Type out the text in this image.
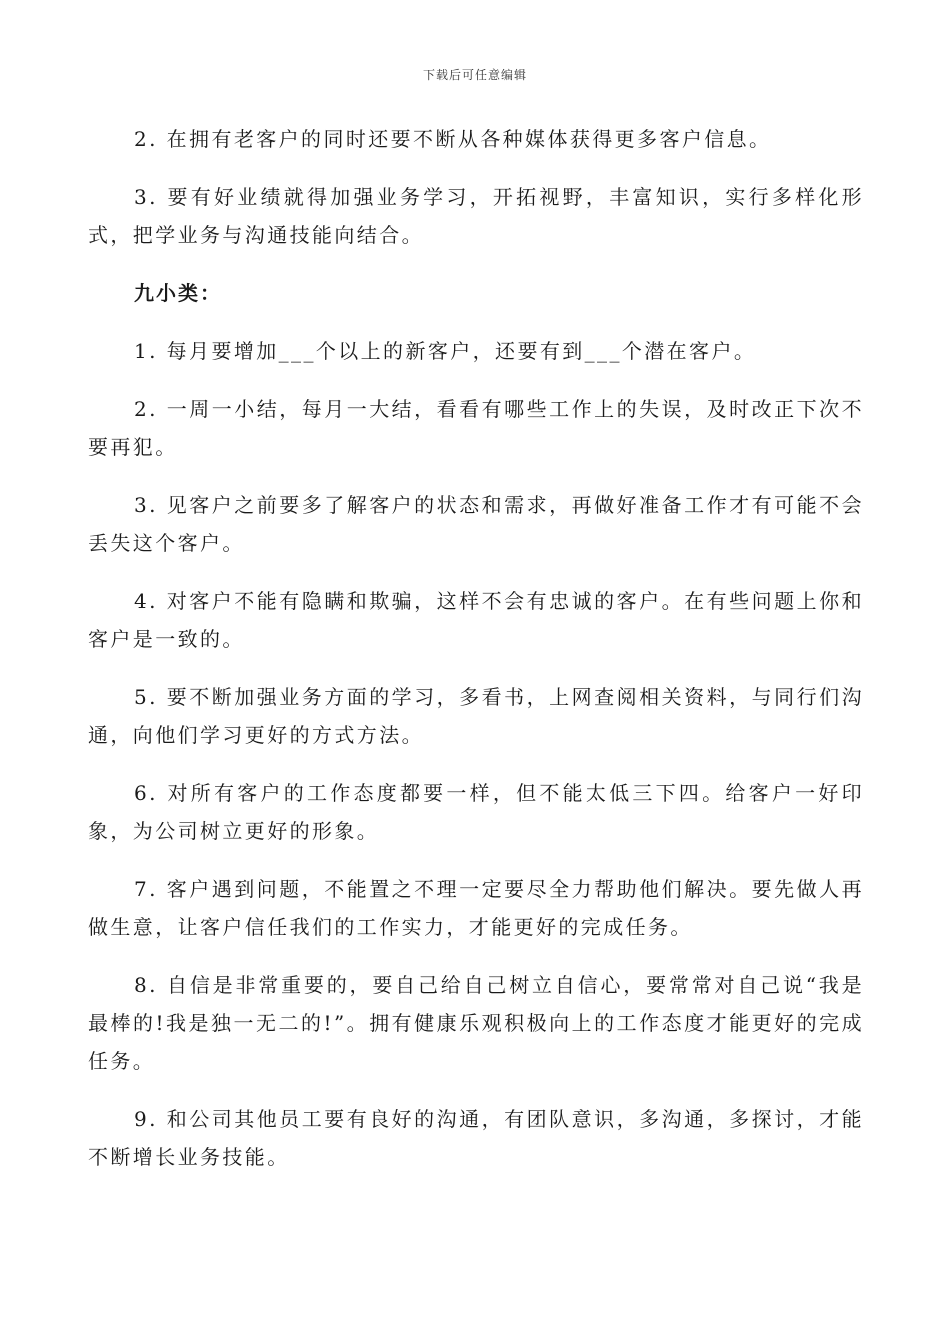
下载后可任意编辑

2. 在拥有老客户的同时还要不断从各种媒体获得更多客户信息。

3. 要有好业绩就得加强业务学习，开拓视野，丰富知识，实行多样化形式，把学业务与沟通技能向结合。

九小类：

1. 每月要增加___个以上的新客户，还要有到___个潜在客户。

2. 一周一小结，每月一大结，看看有哪些工作上的失误，及时改正下次不要再犯。

3. 见客户之前要多了解客户的状态和需求，再做好准备工作才有可能不会丢失这个客户。

4. 对客户不能有隐瞒和欺骗，这样不会有忠诚的客户。在有些问题上你和客户是一致的。

5. 要不断加强业务方面的学习，多看书，上网查阅相关资料，与同行们沟通，向他们学习更好的方式方法。

6. 对所有客户的工作态度都要一样，但不能太低三下四。给客户一好印象，为公司树立更好的形象。

7. 客户遇到问题，不能置之不理一定要尽全力帮助他们解决。要先做人再做生意，让客户信任我们的工作实力，才能更好的完成任务。

8. 自信是非常重要的，要自己给自己树立自信心，要常常对自己说“我是最棒的!我是独一无二的!”。拥有健康乐观积极向上的工作态度才能更好的完成任务。

9. 和公司其他员工要有良好的沟通，有团队意识，多沟通，多探讨，才能不断增长业务技能。
